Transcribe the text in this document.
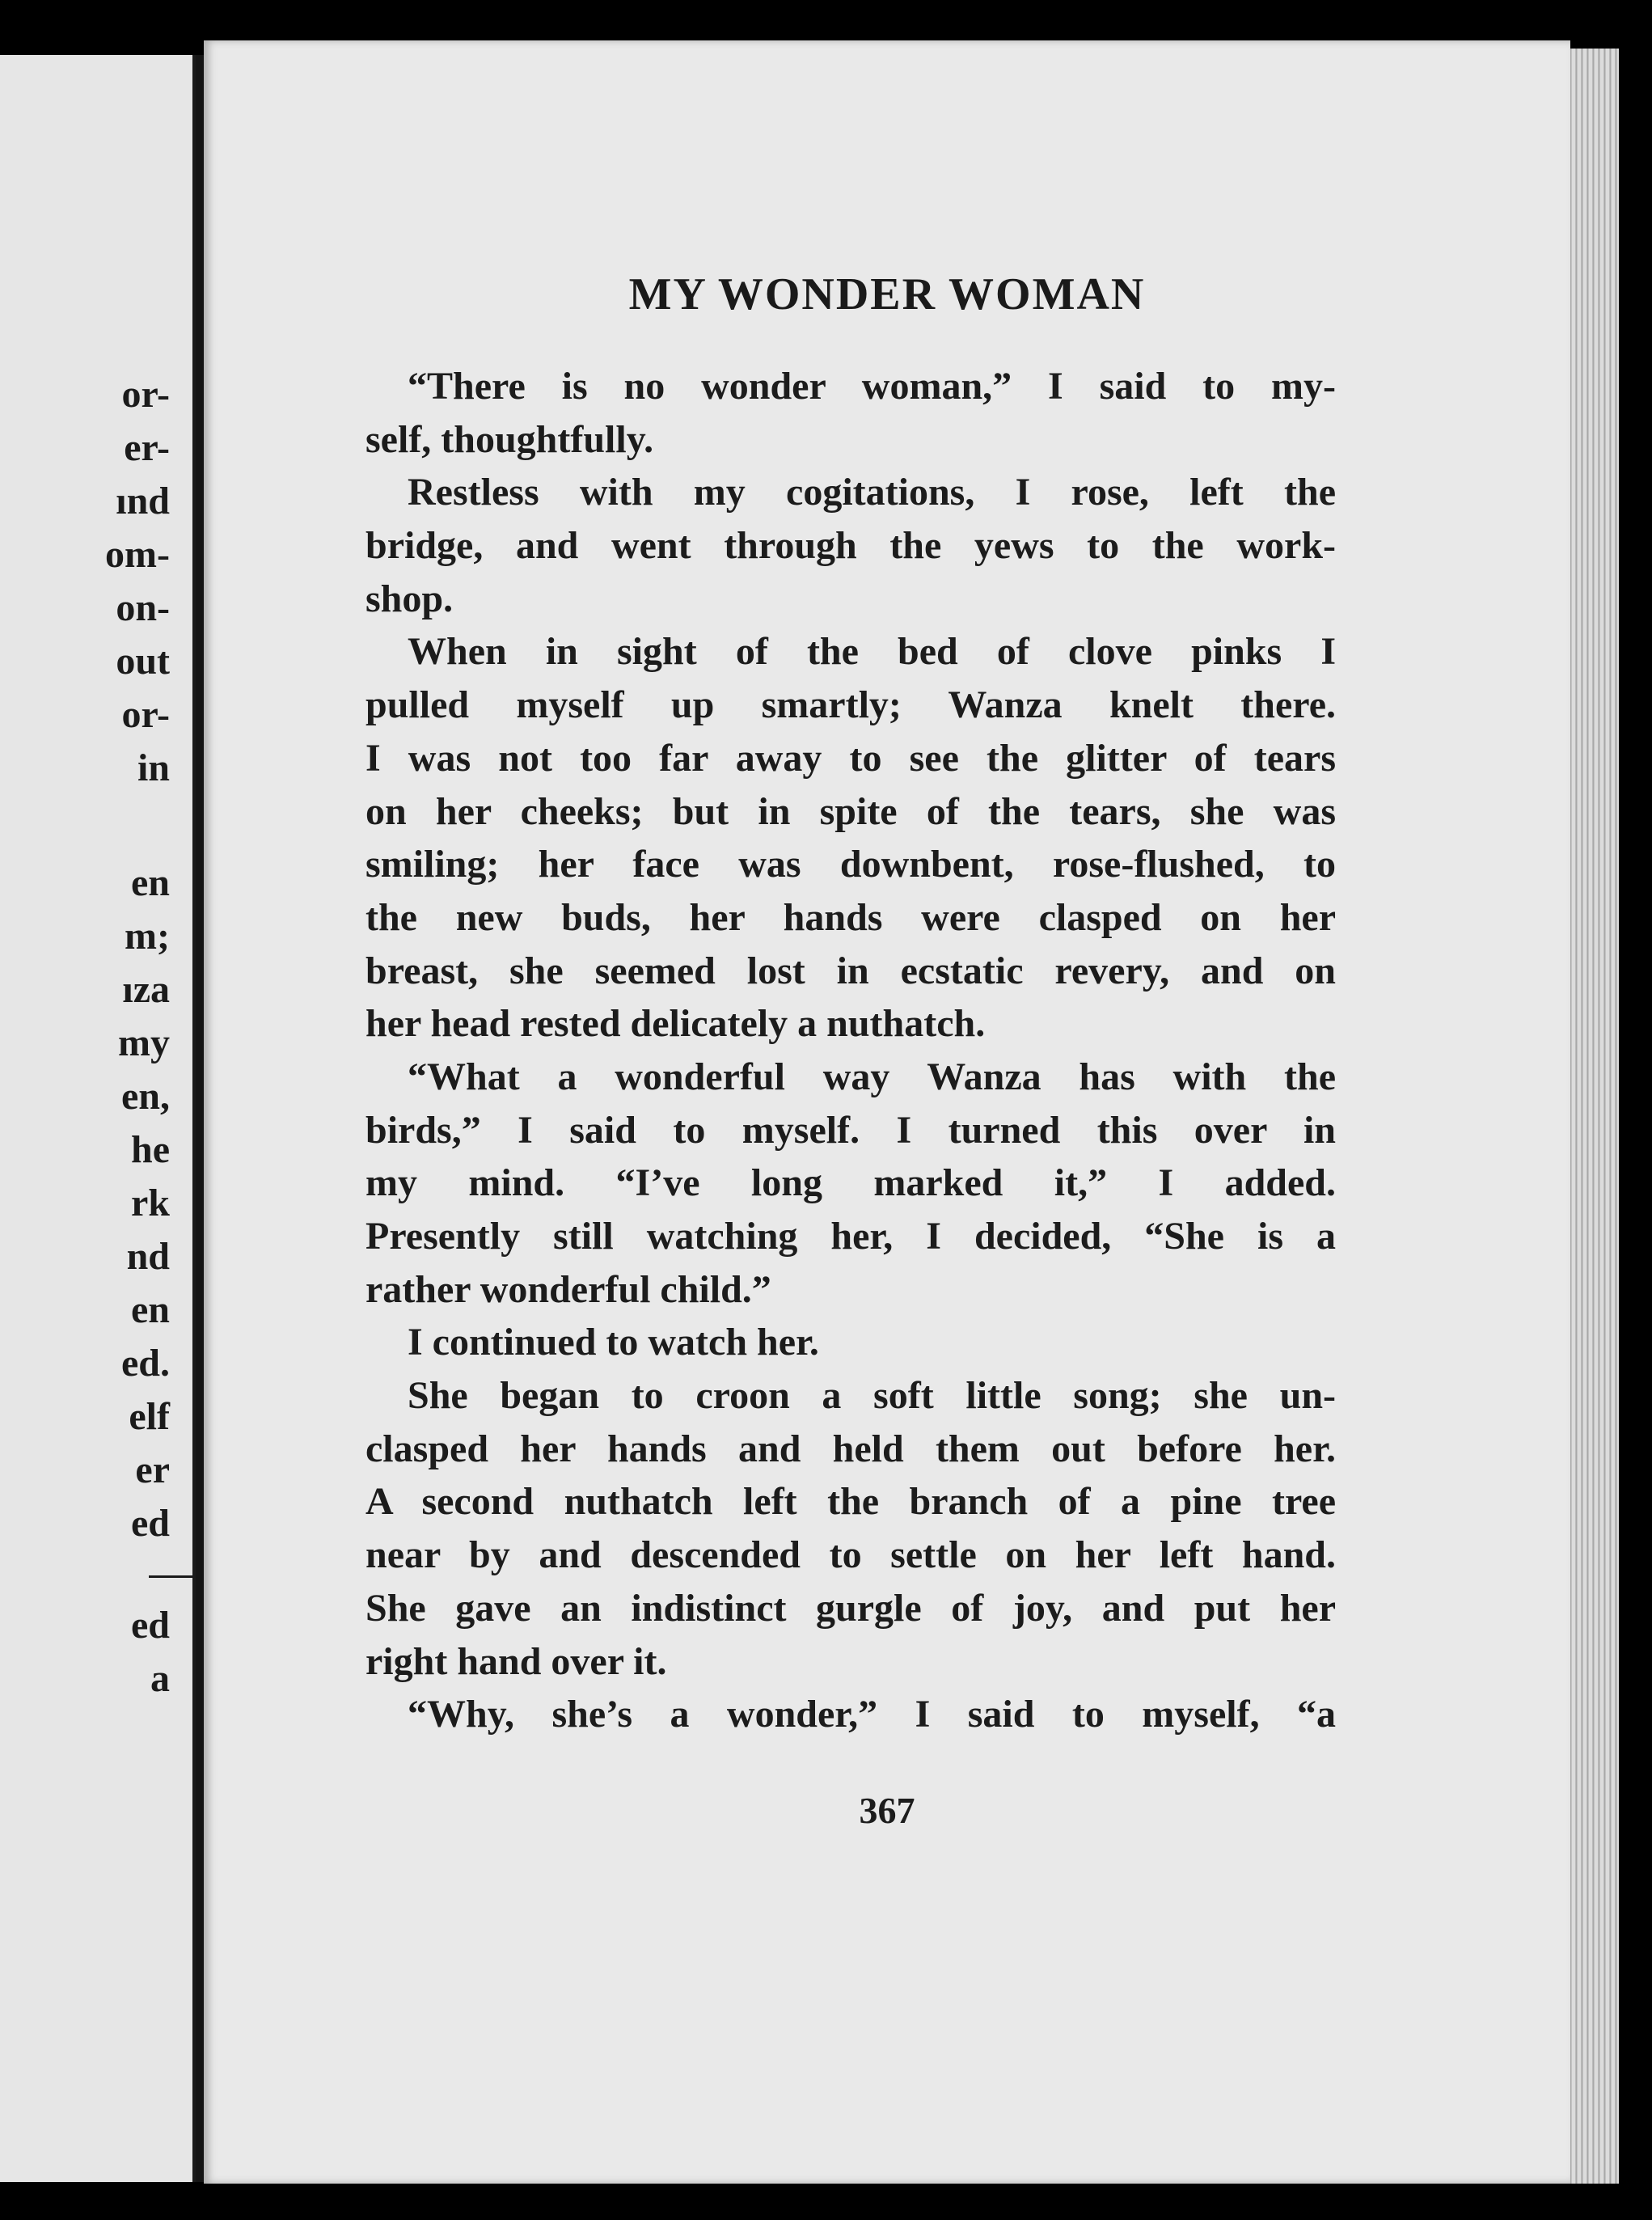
or-
er-
ınd
om-
on-
out
or-
in
en
m;
ıza
my
en,
he
rk
nd
en
ed.
elf
er
ed
ed
a
MY WONDER WOMAN

“There is no wonder woman,” I said to my-

self, thoughtfully.

Restless with my cogitations, I rose, left the

bridge, and went through the yews to the work-

shop.

When in sight of the bed of clove pinks I

pulled myself up smartly; Wanza knelt there.

I was not too far away to see the glitter of tears

on her cheeks; but in spite of the tears, she was

smiling; her face was downbent, rose-flushed, to

the new buds, her hands were clasped on her

breast, she seemed lost in ecstatic revery, and on

her head rested delicately a nuthatch.

“What a wonderful way Wanza has with the

birds,” I said to myself. I turned this over in

my mind. “I’ve long marked it,” I added.

Presently still watching her, I decided, “She is a

rather wonderful child.”

I continued to watch her.

She began to croon a soft little song; she un-

clasped her hands and held them out before her.

A second nuthatch left the branch of a pine tree

near by and descended to settle on her left hand.

She gave an indistinct gurgle of joy, and put her

right hand over it.

“Why, she’s a wonder,” I said to myself, “a

367
